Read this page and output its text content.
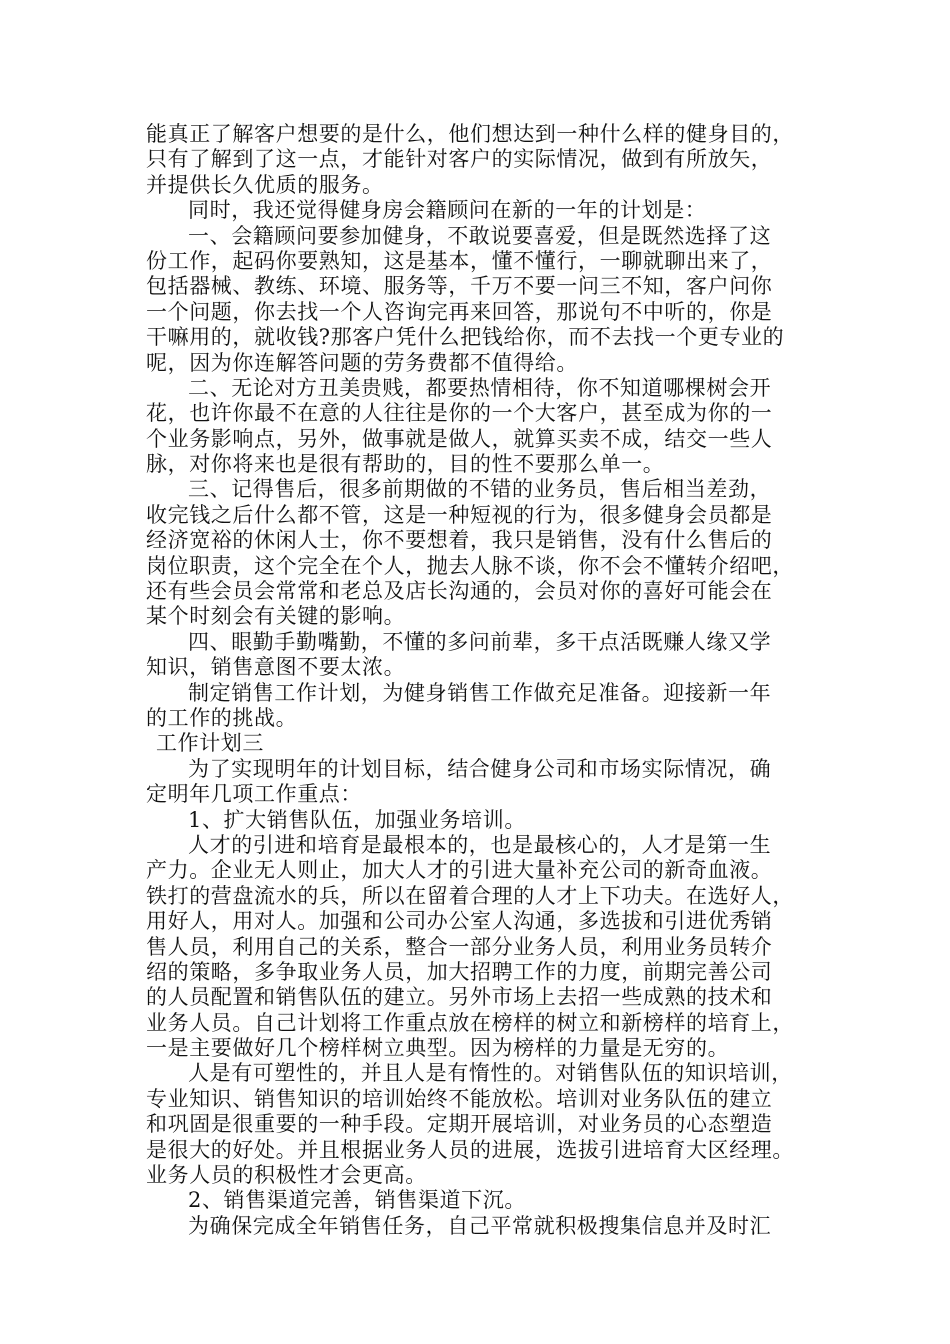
能真正了解客户想要的是什么，他们想达到一种什么样的健身目的，
只有了解到了这一点，才能针对客户的实际情况，做到有所放矢，
并提供长久优质的服务。
同时，我还觉得健身房会籍顾问在新的一年的计划是：
一、会籍顾问要参加健身，不敢说要喜爱，但是既然选择了这
份工作，起码你要熟知，这是基本，懂不懂行，一聊就聊出来了，
包括器械、教练、环境、服务等，千万不要一问三不知，客户问你
一个问题，你去找一个人咨询完再来回答，那说句不中听的，你是
干嘛用的，就收钱?那客户凭什么把钱给你，而不去找一个更专业的
呢，因为你连解答问题的劳务费都不值得给。
二、无论对方丑美贵贱，都要热情相待，你不知道哪棵树会开
花，也许你最不在意的人往往是你的一个大客户，甚至成为你的一
个业务影响点，另外，做事就是做人，就算买卖不成，结交一些人
脉，对你将来也是很有帮助的，目的性不要那么单一。
三、记得售后，很多前期做的不错的业务员，售后相当差劲，
收完钱之后什么都不管，这是一种短视的行为，很多健身会员都是
经济宽裕的休闲人士，你不要想着，我只是销售，没有什么售后的
岗位职责，这个完全在个人，抛去人脉不谈，你不会不懂转介绍吧，
还有些会员会常常和老总及店长沟通的，会员对你的喜好可能会在
某个时刻会有关键的影响。
四、眼勤手勤嘴勤，不懂的多问前辈，多干点活既赚人缘又学
知识，销售意图不要太浓。
制定销售工作计划，为健身销售工作做充足准备。迎接新一年
的工作的挑战。
工作计划三
为了实现明年的计划目标，结合健身公司和市场实际情况，确
定明年几项工作重点：
1、扩大销售队伍，加强业务培训。
人才的引进和培育是最根本的，也是最核心的，人才是第一生
产力。企业无人则止，加大人才的引进大量补充公司的新奇血液。
铁打的营盘流水的兵，所以在留着合理的人才上下功夫。在选好人，
用好人，用对人。加强和公司办公室人沟通，多选拔和引进优秀销
售人员，利用自己的关系，整合一部分业务人员，利用业务员转介
绍的策略，多争取业务人员，加大招聘工作的力度，前期完善公司
的人员配置和销售队伍的建立。另外市场上去招一些成熟的技术和
业务人员。自己计划将工作重点放在榜样的树立和新榜样的培育上，
一是主要做好几个榜样树立典型。因为榜样的力量是无穷的。
人是有可塑性的，并且人是有惰性的。对销售队伍的知识培训，
专业知识、销售知识的培训始终不能放松。培训对业务队伍的建立
和巩固是很重要的一种手段。定期开展培训，对业务员的心态塑造
是很大的好处。并且根据业务人员的进展，选拔引进培育大区经理。
业务人员的积极性才会更高。
2、销售渠道完善，销售渠道下沉。
为确保完成全年销售任务，自己平常就积极搜集信息并及时汇
